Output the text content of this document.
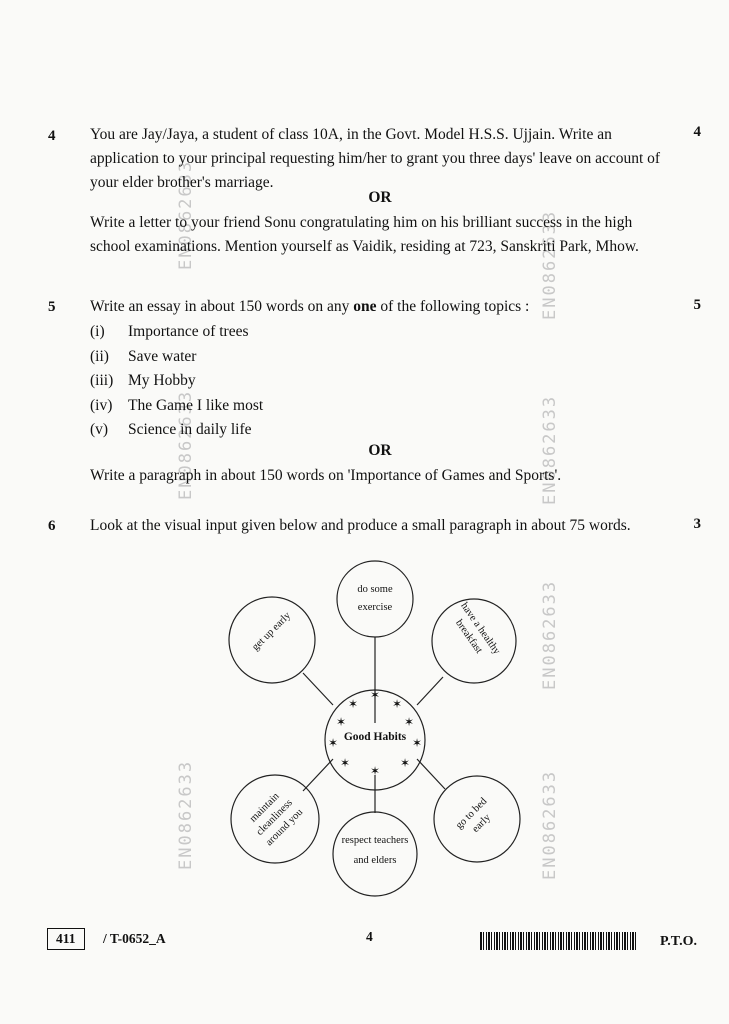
EN0862633	EN0862633
EN0862633	EN0862633
EN0862633
EN0862633	EN0862633
4	4

You are Jay/Jaya, a student of class 10A, in the Govt. Model H.S.S. Ujjain. Write an application to your principal requesting him/her to grant you three days' leave on account of your elder brother's marriage.

OR

Write a letter to your friend Sonu congratulating him on his brilliant success in the high school examinations. Mention yourself as Vaidik, residing at 723, Sanskriti Park, Mhow.

5	5

Write an essay in about 150 words on any one of the following topics :

(i)	Importance of trees
(ii)	Save water
(iii) My Hobby
(iv)	The Game I like most
(v)	Science in daily life
OR

Write a paragraph in about 150 words on 'Importance of Games and Sports'.

6	3

Look at the visual input given below and produce a small paragraph in about 75 words.

✶
✶	✶
✶	✶
✶	✶
✶	✶
✶
Good Habits
do some exercise
get up early	have a healthy breakfast
maintain cleanliness around you	respect teachers and elders
go to bed early
411	/ T-0652_A	4	P.T.O.
